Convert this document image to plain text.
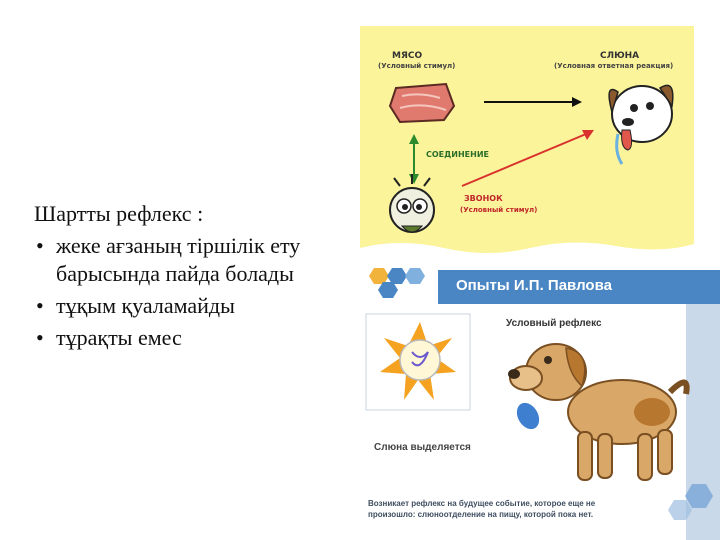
Шартты рефлекс :
• жеке ағзаның тіршілік ету барысында пайда болады
• тұқым қуаламайды
• тұрақты емес
МЯСО
(Условный стимул)
СЛЮНА
(Условная ответная реакция)
СОЕДИНЕНИЕ
ЗВОНОК
(Условный стимул)
Опыты И.П. Павлова
Условный рефлекс
Слюна выделяется
Возникает рефлекс на будущее событие, которое еще не
произошло: слюноотделение на пищу, которой пока нет.
